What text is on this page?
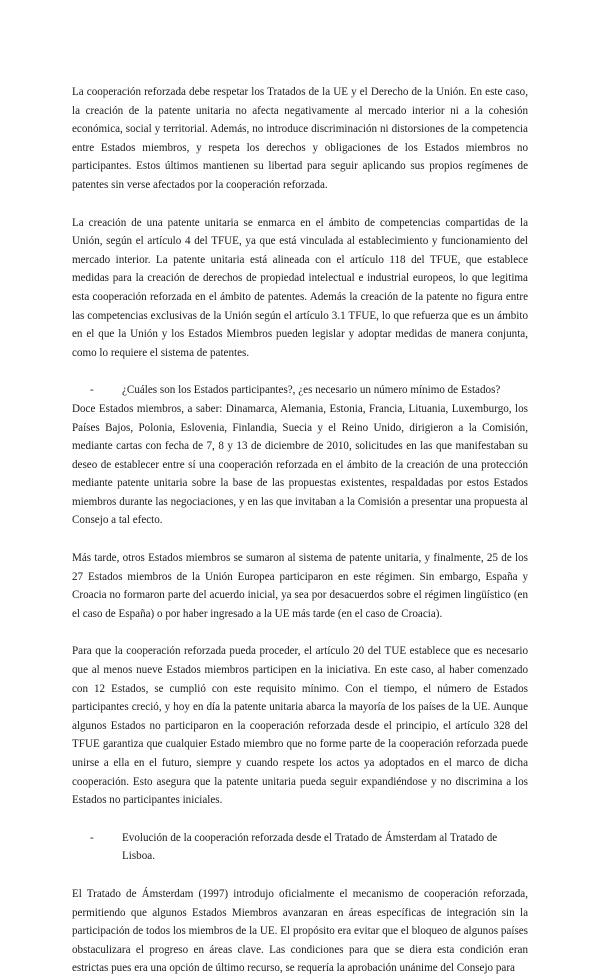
La cooperación reforzada debe respetar los Tratados de la UE y el Derecho de la Unión. En este caso, la creación de la patente unitaria no afecta negativamente al mercado interior ni a la cohesión económica, social y territorial. Además, no introduce discriminación ni distorsiones de la competencia entre Estados miembros, y respeta los derechos y obligaciones de los Estados miembros no participantes. Estos últimos mantienen su libertad para seguir aplicando sus propios regímenes de patentes sin verse afectados por la cooperación reforzada.

La creación de una patente unitaria se enmarca en el ámbito de competencias compartidas de la Unión, según el artículo 4 del TFUE, ya que está vinculada al establecimiento y funcionamiento del mercado interior. La patente unitaria está alineada con el artículo 118 del TFUE, que establece medidas para la creación de derechos de propiedad intelectual e industrial europeos, lo que legitima esta cooperación reforzada en el ámbito de patentes. Además la creación de la patente no figura entre las competencias exclusivas de la Unión según el artículo 3.1 TFUE, lo que refuerza que es un ámbito en el que la Unión y los Estados Miembros pueden legislar y adoptar medidas de manera conjunta, como lo requiere el sistema de patentes.

-	¿Cuáles son los Estados participantes?, ¿es necesario un número mínimo de Estados?

Doce Estados miembros, a saber: Dinamarca, Alemania, Estonia, Francia, Lituania, Luxemburgo, los Países Bajos, Polonia, Eslovenia, Finlandia, Suecia y el Reino Unido, dirigieron a la Comisión, mediante cartas con fecha de 7, 8 y 13 de diciembre de 2010, solicitudes en las que manifestaban su deseo de establecer entre sí una cooperación reforzada en el ámbito de la creación de una protección mediante patente unitaria sobre la base de las propuestas existentes, respaldadas por estos Estados miembros durante las negociaciones, y en las que invitaban a la Comisión a presentar una propuesta al Consejo a tal efecto.

Más tarde, otros Estados miembros se sumaron al sistema de patente unitaria, y finalmente, 25 de los 27 Estados miembros de la Unión Europea participaron en este régimen. Sin embargo, España y Croacia no formaron parte del acuerdo inicial, ya sea por desacuerdos sobre el régimen lingüístico (en el caso de España) o por haber ingresado a la UE más tarde (en el caso de Croacia).

Para que la cooperación reforzada pueda proceder, el artículo 20 del TUE establece que es necesario que al menos nueve Estados miembros participen en la iniciativa. En este caso, al haber comenzado con 12 Estados, se cumplió con este requisito mínimo. Con el tiempo, el número de Estados participantes creció, y hoy en día la patente unitaria abarca la mayoría de los países de la UE. Aunque algunos Estados no participaron en la cooperación reforzada desde el principio, el artículo 328 del TFUE garantiza que cualquier Estado miembro que no forme parte de la cooperación reforzada puede unirse a ella en el futuro, siempre y cuando respete los actos ya adoptados en el marco de dicha cooperación. Esto asegura que la patente unitaria pueda seguir expandiéndose y no discrimina a los Estados no participantes iniciales.

-	Evolución de la cooperación reforzada desde el Tratado de Ámsterdam al Tratado de Lisboa.

El Tratado de Ámsterdam (1997) introdujo oficialmente el mecanismo de cooperación reforzada, permitiendo que algunos Estados Miembros avanzaran en áreas específicas de integración sin la participación de todos los miembros de la UE. El propósito era evitar que el bloqueo de algunos países obstaculizara el progreso en áreas clave. Las condiciones para que se diera esta condición eran estrictas pues era una opción de último recurso, se requería la aprobación unánime del Consejo para
